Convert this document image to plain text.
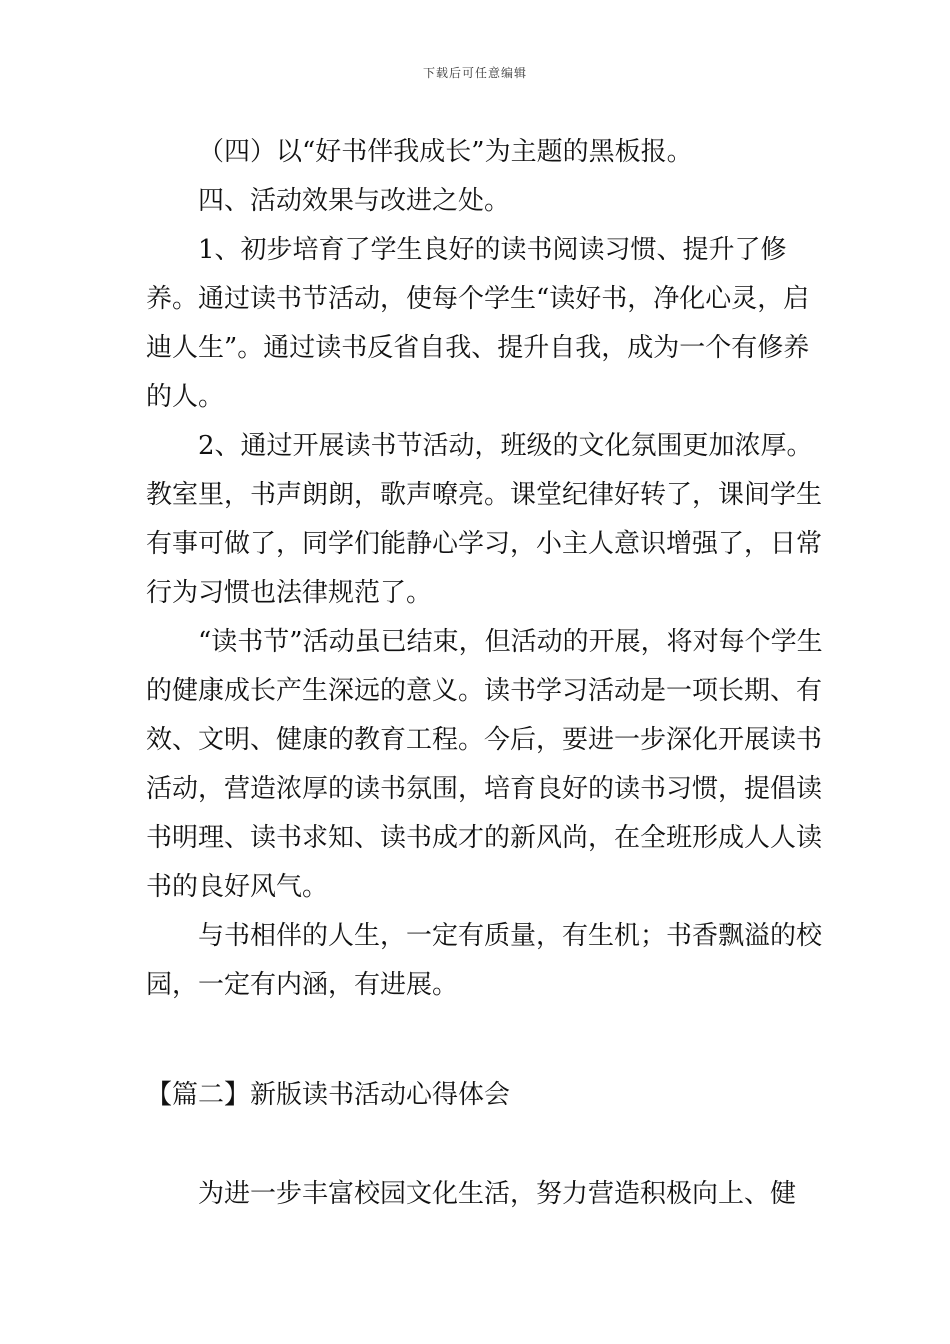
下载后可任意编辑

（四）以“好书伴我成长”为主题的黑板报。

四、活动效果与改进之处。

1、初步培育了学生良好的读书阅读习惯、提升了修养。通过读书节活动，使每个学生“读好书，净化心灵，启迪人生”。通过读书反省自我、提升自我，成为一个有修养的人。

2、通过开展读书节活动，班级的文化氛围更加浓厚。教室里，书声朗朗，歌声嘹亮。课堂纪律好转了，课间学生有事可做了，同学们能静心学习，小主人意识增强了，日常行为习惯也法律规范了。

“读书节”活动虽已结束，但活动的开展，将对每个学生的健康成长产生深远的意义。读书学习活动是一项长期、有效、文明、健康的教育工程。今后，要进一步深化开展读书活动，营造浓厚的读书氛围，培育良好的读书习惯，提倡读书明理、读书求知、读书成才的新风尚，在全班形成人人读书的良好风气。

与书相伴的人生，一定有质量，有生机；书香飘溢的校园，一定有内涵，有进展。

【篇二】新版读书活动心得体会

为进一步丰富校园文化生活，努力营造积极向上、健
